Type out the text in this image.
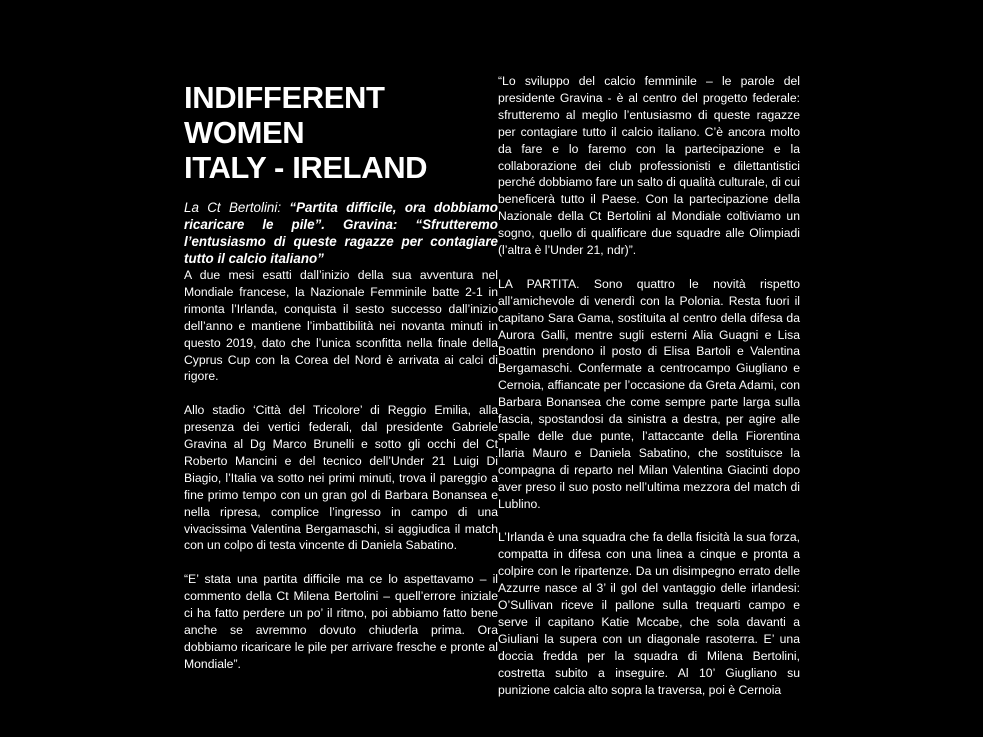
INDIFFERENT
WOMEN
ITALY - IRELAND

La Ct Bertolini: “Partita difficile, ora dobbiamo ricaricare le pile”. Gravina: “Sfrutteremo l’entusiasmo di queste ragazze per contagiare tutto il calcio italiano”

A due mesi esatti dall’inizio della sua avventura nel Mondiale francese, la Nazionale Femminile batte 2-1 in rimonta l’Irlanda, conquista il sesto successo dall’inizio dell’anno e mantiene l’imbattibilità nei novanta minuti in questo 2019, dato che l’unica sconfitta nella finale della Cyprus Cup con la Corea del Nord è arrivata ai calci di rigore.

Allo stadio ‘Città del Tricolore’ di Reggio Emilia, alla presenza dei vertici federali, dal presidente Gabriele Gravina al Dg Marco Brunelli e sotto gli occhi del Ct Roberto Mancini e del tecnico dell’Under 21 Luigi Di Biagio, l’Italia va sotto nei primi minuti, trova il pareggio a fine primo tempo con un gran gol di Barbara Bonansea e nella ripresa, complice l’ingresso in campo di una vivacissima Valentina Bergamaschi, si aggiudica il match con un colpo di testa vincente di Daniela Sabatino.

“E’ stata una partita difficile ma ce lo aspettavamo – il commento della Ct Milena Bertolini – quell’errore iniziale ci ha fatto perdere un po’ il ritmo, poi abbiamo fatto bene anche se avremmo dovuto chiuderla prima. Ora dobbiamo ricaricare le pile per arrivare fresche e pronte al Mondiale”.

“Lo sviluppo del calcio femminile – le parole del presidente Gravina - è al centro del progetto federale: sfrutteremo al meglio l’entusiasmo di queste ragazze per contagiare tutto il calcio italiano. C’è ancora molto da fare e lo faremo con la partecipazione e la collaborazione dei club professionisti e dilettantistici perché dobbiamo fare un salto di qualità culturale, di cui beneficerà tutto il Paese. Con la partecipazione della Nazionale della Ct Bertolini al Mondiale coltiviamo un sogno, quello di qualificare due squadre alle Olimpiadi (l’altra è l’Under 21, ndr)”.

LA PARTITA. Sono quattro le novità rispetto all’amichevole di venerdì con la Polonia. Resta fuori il capitano Sara Gama, sostituita al centro della difesa da Aurora Galli, mentre sugli esterni Alia Guagni e Lisa Boattin prendono il posto di Elisa Bartoli e Valentina Bergamaschi. Confermate a centrocampo Giugliano e Cernoia, affiancate per l’occasione da Greta Adami, con Barbara Bonansea che come sempre parte larga sulla fascia, spostandosi da sinistra a destra, per agire alle spalle delle due punte, l’attaccante della Fiorentina Ilaria Mauro e Daniela Sabatino, che sostituisce la compagna di reparto nel Milan Valentina Giacinti dopo aver preso il suo posto nell’ultima mezzora del match di Lublino.

L’Irlanda è una squadra che fa della fisicità la sua forza, compatta in difesa con una linea a cinque e pronta a colpire con le ripartenze. Da un disimpegno errato delle Azzurre nasce al 3’ il gol del vantaggio delle irlandesi: O’Sullivan riceve il pallone sulla trequarti campo e serve il capitano Katie Mccabe, che sola davanti a Giuliani la supera con un diagonale rasoterra. E’ una doccia fredda per la squadra di Milena Bertolini, costretta subito a inseguire. Al 10’ Giugliano su punizione calcia alto sopra la traversa, poi è Cernoia
